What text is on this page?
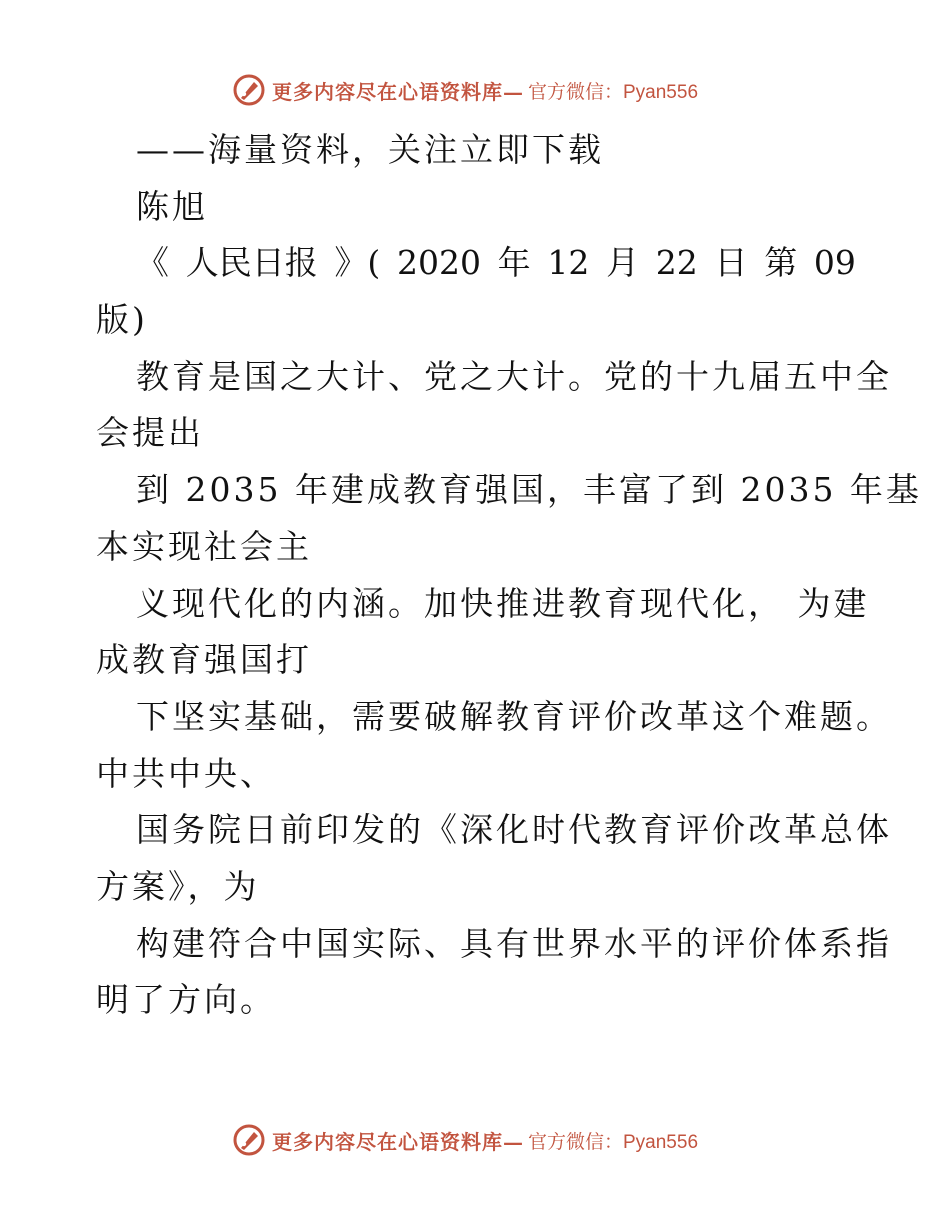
更多内容尽在心语资料库— 官方微信：Pyan556
——海量资料，关注立即下载
陈旭
《 人民日报 》( 2020 年 12 月 22 日 第 09
版)
教育是国之大计、党之大计。党的十九届五中全
会提出
到 2035 年建成教育强国，丰富了到 2035 年基
本实现社会主
义现代化的内涵。加快推进教育现代化， 为建
成教育强国打
下坚实基础，需要破解教育评价改革这个难题。
中共中央、
国务院日前印发的《深化时代教育评价改革总体
方案》，为
构建符合中国实际、具有世界水平的评价体系指
明了方向。
更多内容尽在心语资料库— 官方微信：Pyan556
